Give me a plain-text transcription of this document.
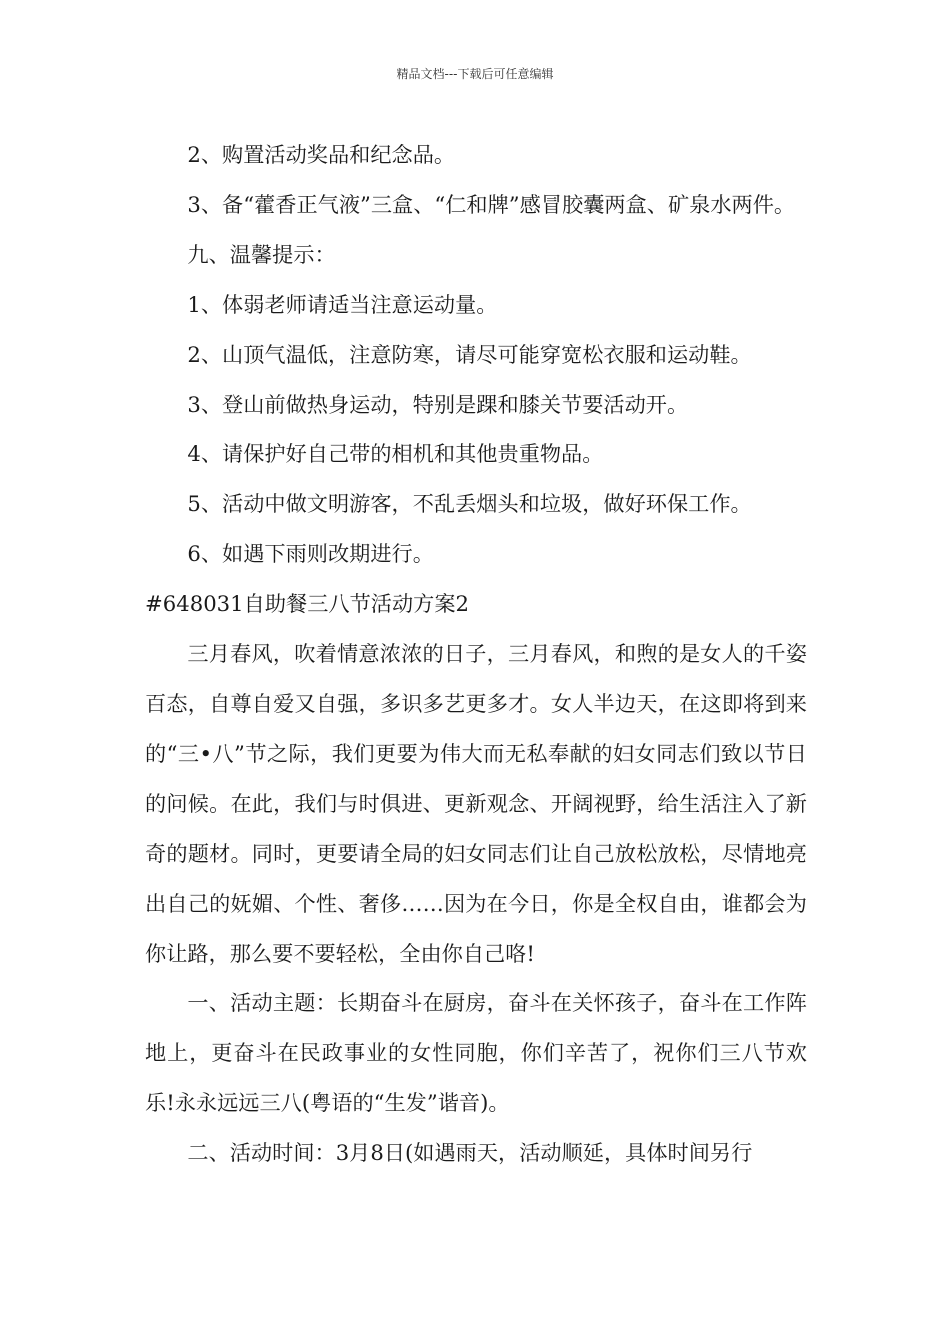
精品文档---下载后可任意编辑

2、购置活动奖品和纪念品。

3、备“藿香正气液”三盒、“仁和牌”感冒胶囊两盒、矿泉水两件。

九、温馨提示：

1、体弱老师请适当注意运动量。

2、山顶气温低，注意防寒，请尽可能穿宽松衣服和运动鞋。

3、登山前做热身运动，特别是踝和膝关节要活动开。

4、请保护好自己带的相机和其他贵重物品。

5、活动中做文明游客，不乱丢烟头和垃圾，做好环保工作。

6、如遇下雨则改期进行。

#648031自助餐三八节活动方案2

三月春风，吹着情意浓浓的日子，三月春风，和煦的是女人的千姿百态，自尊自爱又自强，多识多艺更多才。女人半边天，在这即将到来的“三•八”节之际，我们更要为伟大而无私奉献的妇女同志们致以节日的问候。在此，我们与时俱进、更新观念、开阔视野，给生活注入了新奇的题材。同时，更要请全局的妇女同志们让自己放松放松，尽情地亮出自己的妩媚、个性、奢侈……因为在今日，你是全权自由，谁都会为你让路，那么要不要轻松，全由你自己咯!

一、活动主题：长期奋斗在厨房，奋斗在关怀孩子，奋斗在工作阵地上，更奋斗在民政事业的女性同胞，你们辛苦了，祝你们三八节欢乐!永永远远三八(粤语的“生发”谐音)。

二、活动时间：3月8日(如遇雨天，活动顺延，具体时间另行
